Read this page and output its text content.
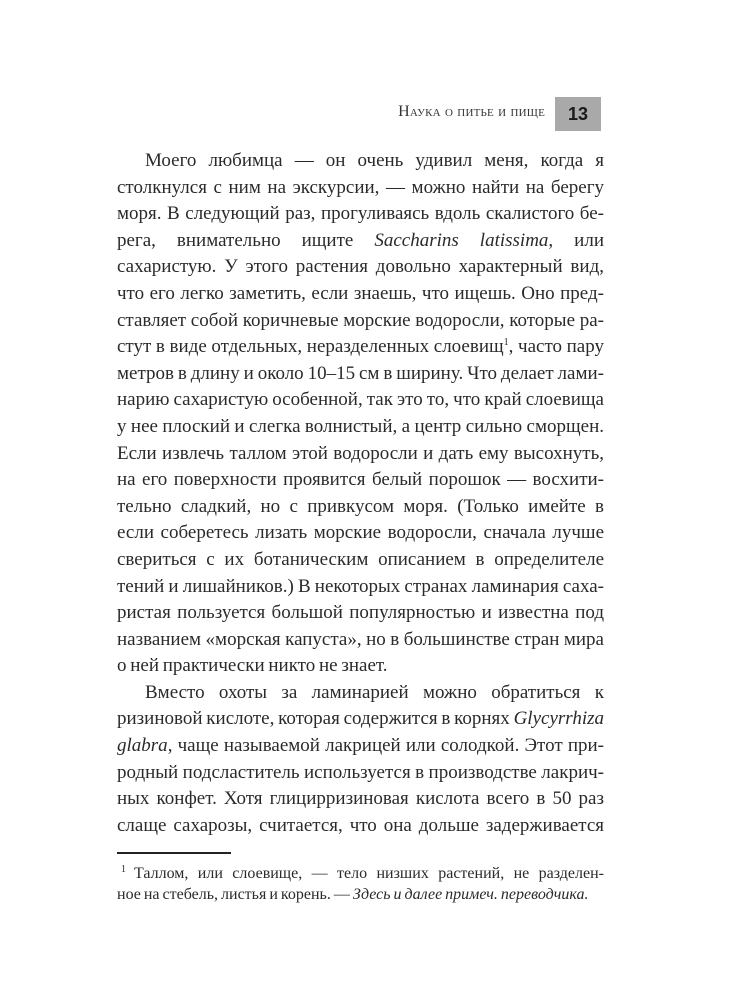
Наука о питье и пище	13
Моего любимца — он очень удивил меня, когда я
столкнулся с ним на экскурсии, — можно найти на берегу
моря. В следующий раз, прогуливаясь вдоль скалистого бе-
рега, внимательно ищите Saccharins latissima, или
сахаристую. У этого растения довольно характерный вид,
что его легко заметить, если знаешь, что ищешь. Оно пред-
ставляет собой коричневые морские водоросли, которые ра-
стут в виде отдельных, неразделенных слоевищ$^1$, часто пару
метров в длину и около 10–15 см в ширину. Что делает лами-
нарию сахаристую особенной, так это то, что край слоевища
у нее плоский и слегка волнистый, а центр сильно сморщен.
Если извлечь таллом этой водоросли и дать ему высохнуть,
на его поверхности проявится белый порошок — восхити-
тельно сладкий, но с привкусом моря. (Только имейте в
если соберетесь лизать морские водоросли, сначала лучше
свериться с их ботаническим описанием в определителе
тений и лишайников.) В некоторых странах ламинария саха-
ристая пользуется большой популярностью и известна под
названием «морская капуста», но в большинстве стран мира
о ней практически никто не знает.
Вместо охоты за ламинарией можно обратиться к
ризиновой кислоте, которая содержится в корнях Glycyrrhiza
glabra, чаще называемой лакрицей или солодкой. Этот при-
родный подсластитель используется в производстве лакрич-
ных конфет. Хотя глицирризиновая кислота всего в 50 раз
слаще сахарозы, считается, что она дольше задерживается
$^1$ Таллом, или слоевище, — тело низших растений, не разделен-
ное на стебель, листья и корень. — Здесь и далее примеч. переводчика.
